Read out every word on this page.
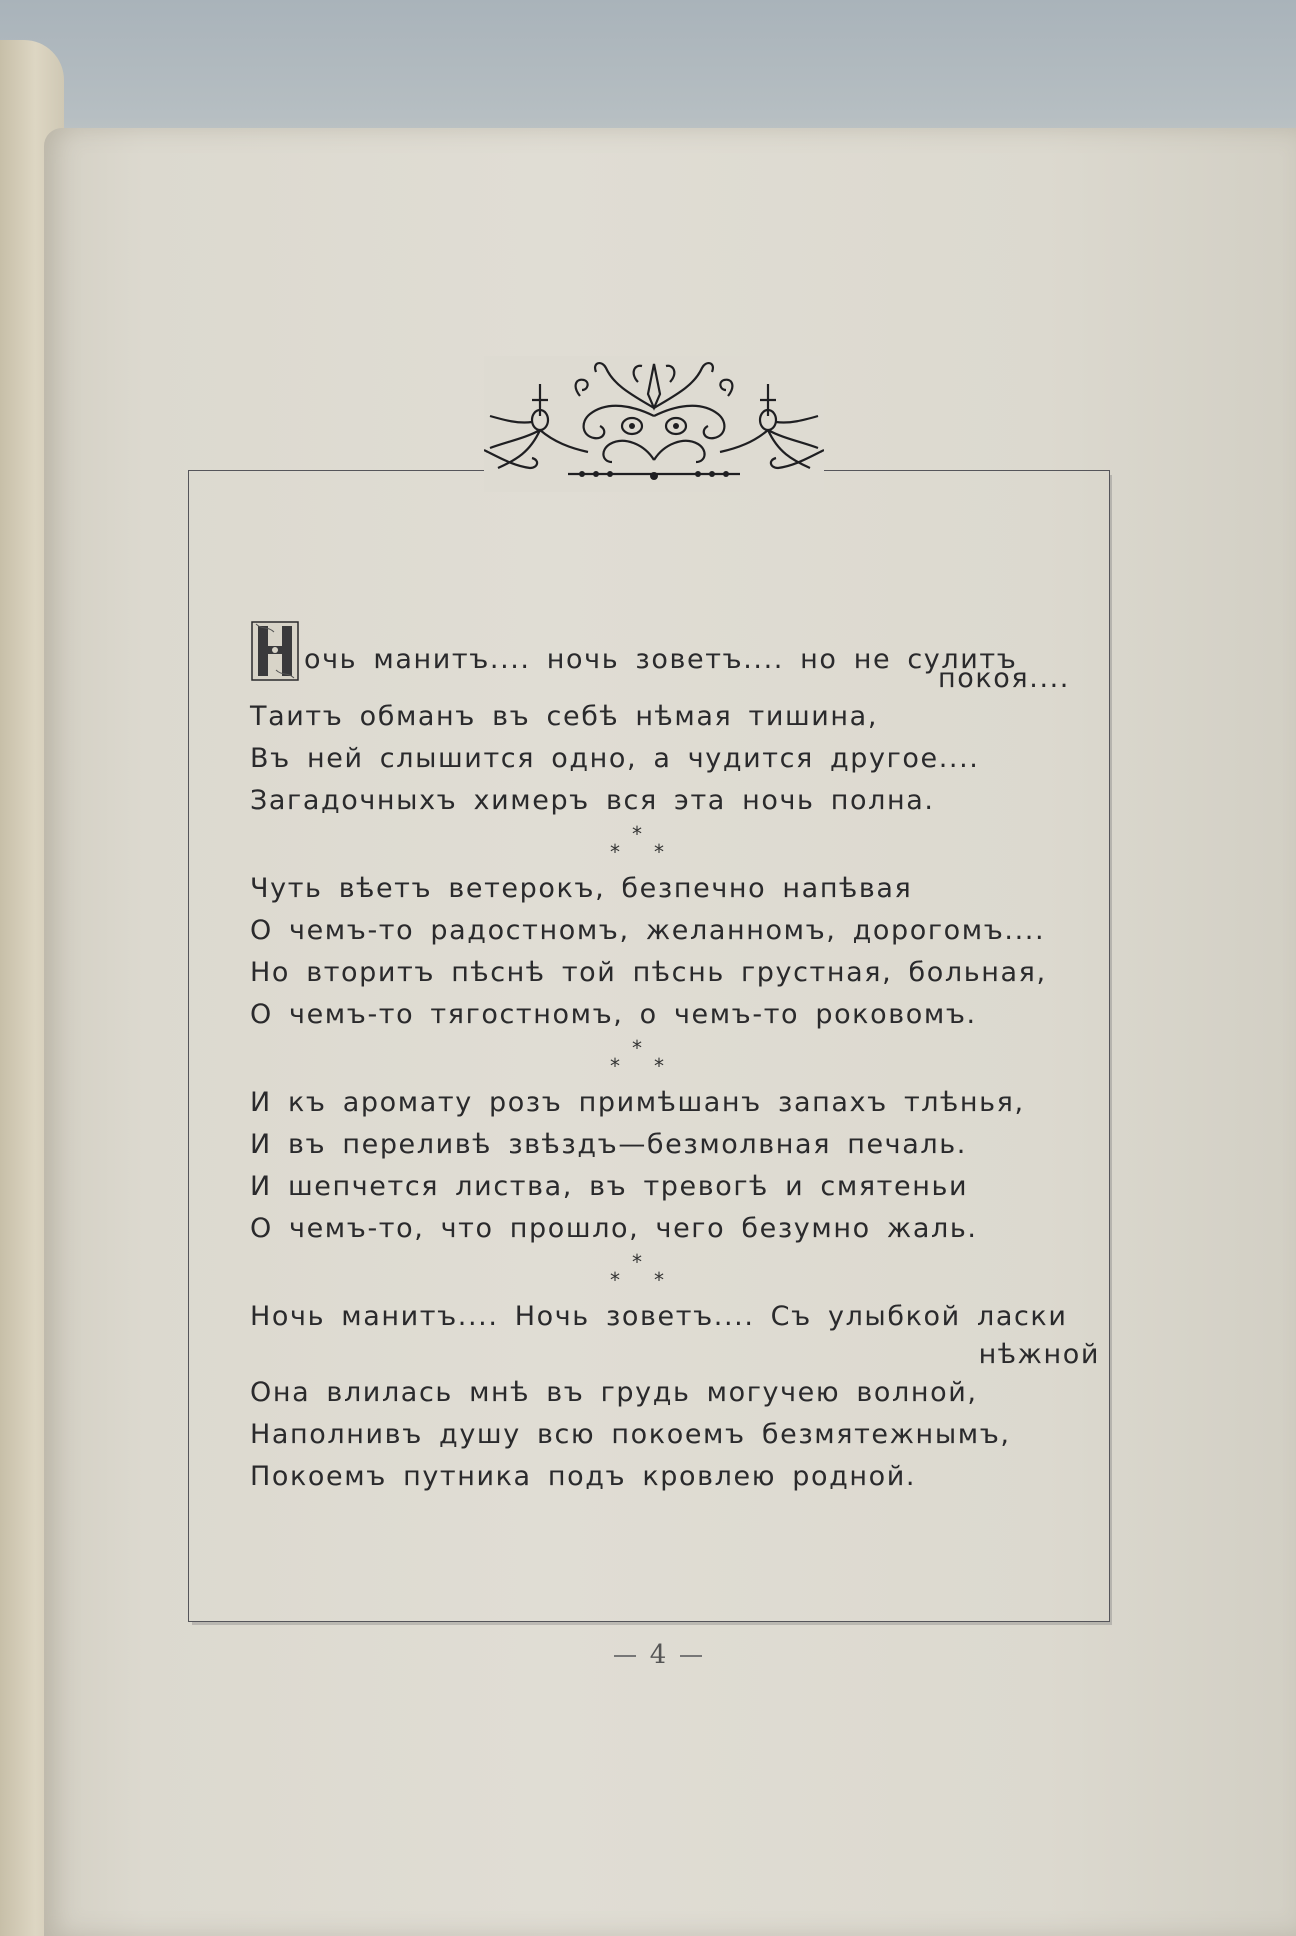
очь манитъ.... ночь зоветъ.... но не сулитъ
покоя....
Таитъ обманъ въ себѣ нѣмая тишина,
Въ ней слышится одно, а чудится другое....
Загадочныхъ химеръ вся эта ночь полна.
*
*
*
Чуть вѣетъ ветерокъ, безпечно напѣвая
О чемъ-то радостномъ, желанномъ, дорогомъ....
Но вторитъ пѣснѣ той пѣснь грустная, больная,
О чемъ-то тягостномъ, о чемъ-то роковомъ.
*
*
*
И къ аромату розъ примѣшанъ запахъ тлѣнья,
И въ переливѣ звѣздъ—безмолвная печаль.
И шепчется листва, въ тревогѣ и смятеньи
О чемъ-то, что прошло, чего безумно жаль.
*
*
*
Ночь манитъ.... Ночь зоветъ.... Съ улыбкой ласки
нѣжной
Она влилась мнѣ въ грудь могучею волной,
Наполнивъ душу всю покоемъ безмятежнымъ,
Покоемъ путника подъ кровлею родной.
4
